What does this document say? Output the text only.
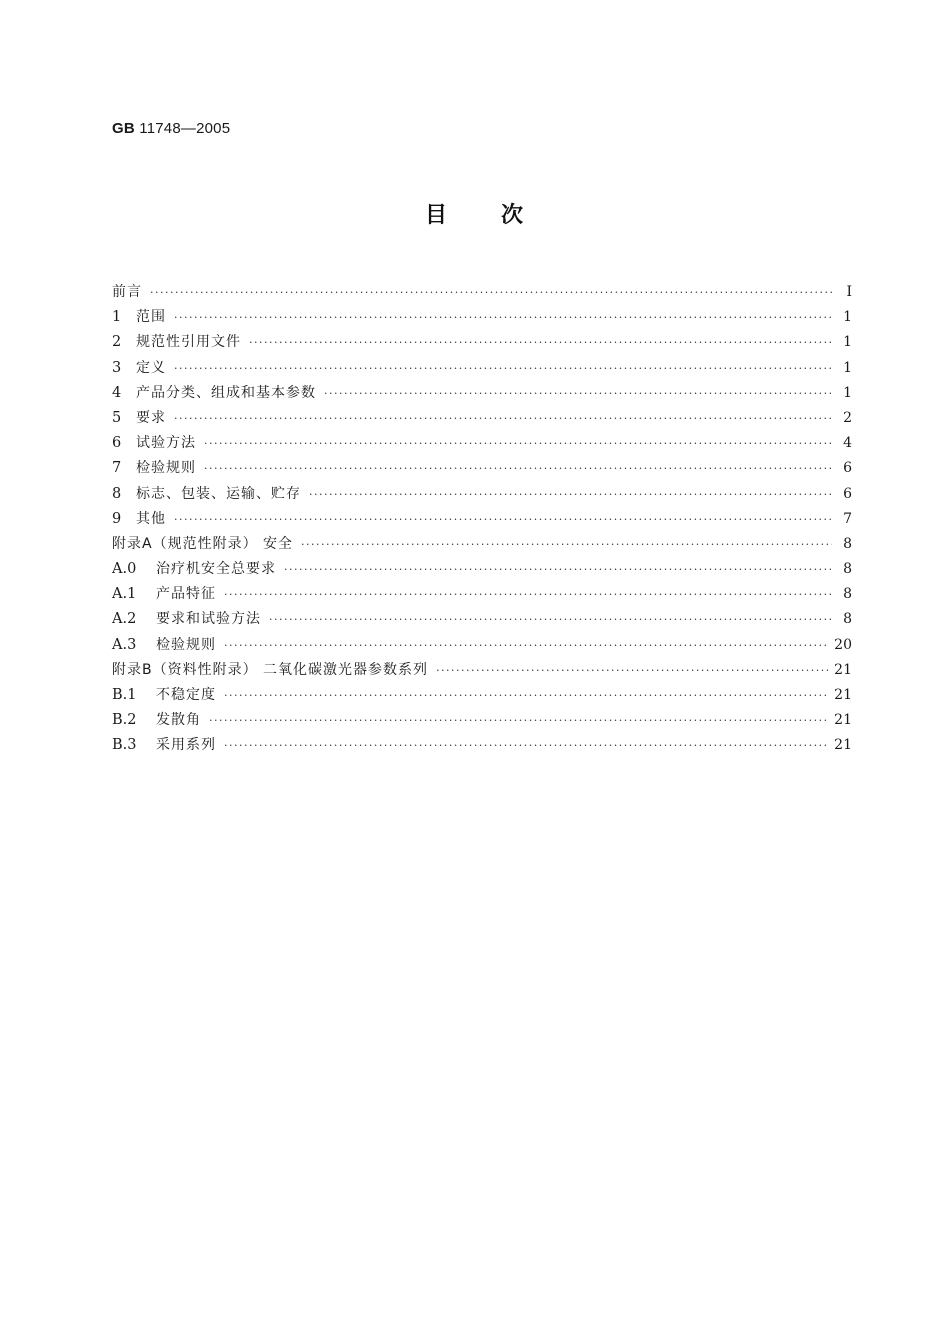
GB 11748—2005
目 次
前言 ·····	I
1	范围 ·····	1
2	规范性引用文件 ·····	1
3	定义 ·····	1
4	产品分类、组成和基本参数 ·····	1
5	要求 ·····	2
6	试验方法 ·····	4
7	检验规则 ·····	6
8	标志、包装、运输、贮存 ·····	6
9	其他 ·····	7
附录A（规范性附录） 安全 ·····	8
A.0	治疗机安全总要求 ·····	8
A.1	产品特征 ·····	8
A.2	要求和试验方法 ·····	8
A.3	检验规则 ·····	20
附录B（资料性附录） 二氧化碳激光器参数系列 ·····	21
B.1	不稳定度 ·····	21
B.2	发散角 ·····	21
B.3	采用系列 ·····	21
